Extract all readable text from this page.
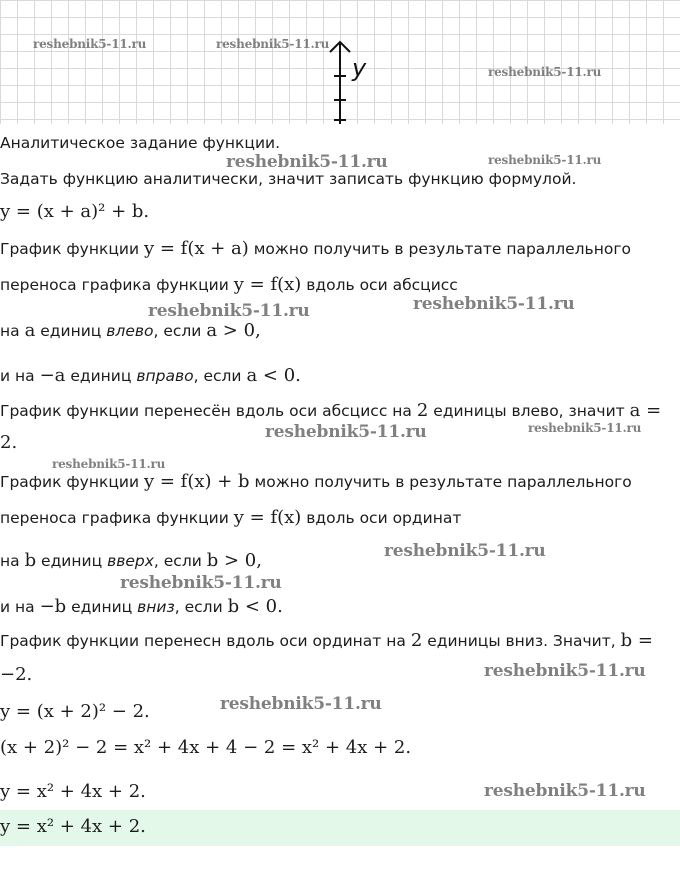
y
Аналитическое задание функции.
Задать функцию аналитически, значит записать функцию формулой.
y = (x + a)² + b.
График функции y = f(x + a) можно получить в результате параллельного
переноса графика функции y = f(x) вдоль оси абсцисс
на a единиц влево, если a > 0,
и на −a единиц вправо, если a < 0.
График функции перенесён вдоль оси абсцисс на 2 единицы влево, значит a =
2.
График функции y = f(x) + b можно получить в результате параллельного
переноса графика функции y = f(x) вдоль оси ординат
на b единиц вверх, если b > 0,
и на −b единиц вниз, если b < 0.
График функции перенесн вдоль оси ординат на 2 единицы вниз. Значит, b =
−2.
y = (x + 2)² − 2.
(x + 2)² − 2 = x² + 4x + 4 − 2 = x² + 4x + 2.
y = x² + 4x + 2.
y = x² + 4x + 2.
reshebnik5-11.ru	reshebnik5-11.ru
reshebnik5-11.ru
reshebnik5-11.ru	reshebnik5-11.ru
reshebnik5-11.ru	reshebnik5-11.ru
reshebnik5-11.ru	reshebnik5-11.ru
reshebnik5-11.ru
reshebnik5-11.ru
reshebnik5-11.ru
reshebnik5-11.ru
reshebnik5-11.ru
reshebnik5-11.ru
